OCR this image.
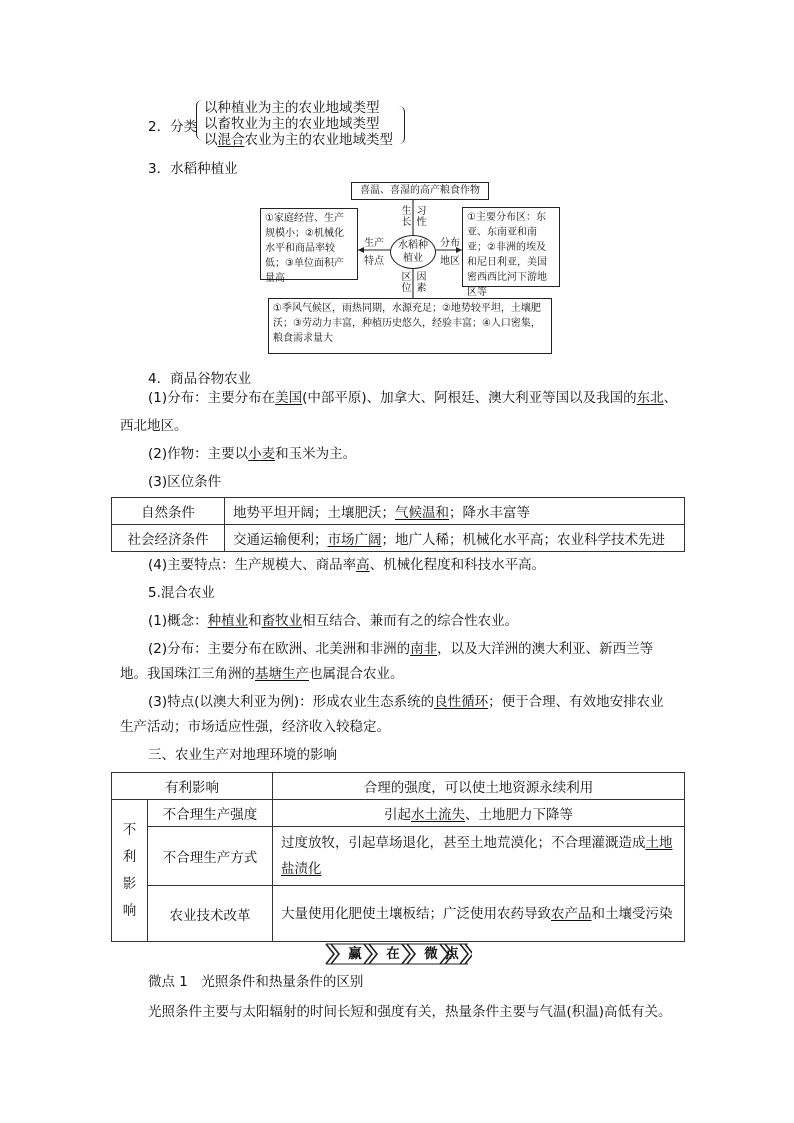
2．分类
以种植业为主的农业地域类型
以畜牧业为主的农业地域类型
以混合农业为主的农业地域类型
3．水稻种植业
喜温、喜湿的高产粮食作物
①家庭经营、生产规模小；②机械化水平和商品率较低；③单位面积产量高
①主要分布区：东亚、东南亚和南亚；②非洲的埃及和尼日利亚，美国密西西比河下游地区等
①季风气候区，雨热同期，水源充足；②地势较平坦，土壤肥沃；③劳动力丰富，种植历史悠久，经验丰富；④人口密集，粮食需求量大
水稻种植业
生长
习性
生产
特点
分布
地区
区位
因素
4．商品谷物农业
(1)分布：主要分布在美国(中部平原)、加拿大、阿根廷、澳大利亚等国以及我国的东北、
西北地区。
(2)作物：主要以小麦和玉米为主。
(3)区位条件
自然条件	地势平坦开阔；土壤肥沃；气候温和；降水丰富等
社会经济条件	交通运输便利；市场广阔；地广人稀；机械化水平高；农业科学技术先进
(4)主要特点：生产规模大、商品率高、机械化程度和科技水平高。
5.混合农业
(1)概念：种植业和畜牧业相互结合、兼而有之的综合性农业。
(2)分布：主要分布在欧洲、北美洲和非洲的南非，以及大洋洲的澳大利亚、新西兰等
地。我国珠江三角洲的基塘生产也属混合农业。
(3)特点(以澳大利亚为例)：形成农业生态系统的良性循环；便于合理、有效地安排农业
生产活动；市场适应性强，经济收入较稳定。
三、农业生产对地理环境的影响
有利影响		合理的强度，可以使土地资源永续利用
不利影响	不合理生产强度	引起水土流失、土地肥力下降等
	不合理生产方式	过度放牧，引起草场退化，甚至土地荒漠化；不合理灌溉造成土地盐渍化
	农业技术改革	大量使用化肥使土壤板结；广泛使用农药导致农产品和土壤受污染
赢	在	微 点
微点 1　光照条件和热量条件的区别
光照条件主要与太阳辐射的时间长短和强度有关，热量条件主要与气温(积温)高低有关。
